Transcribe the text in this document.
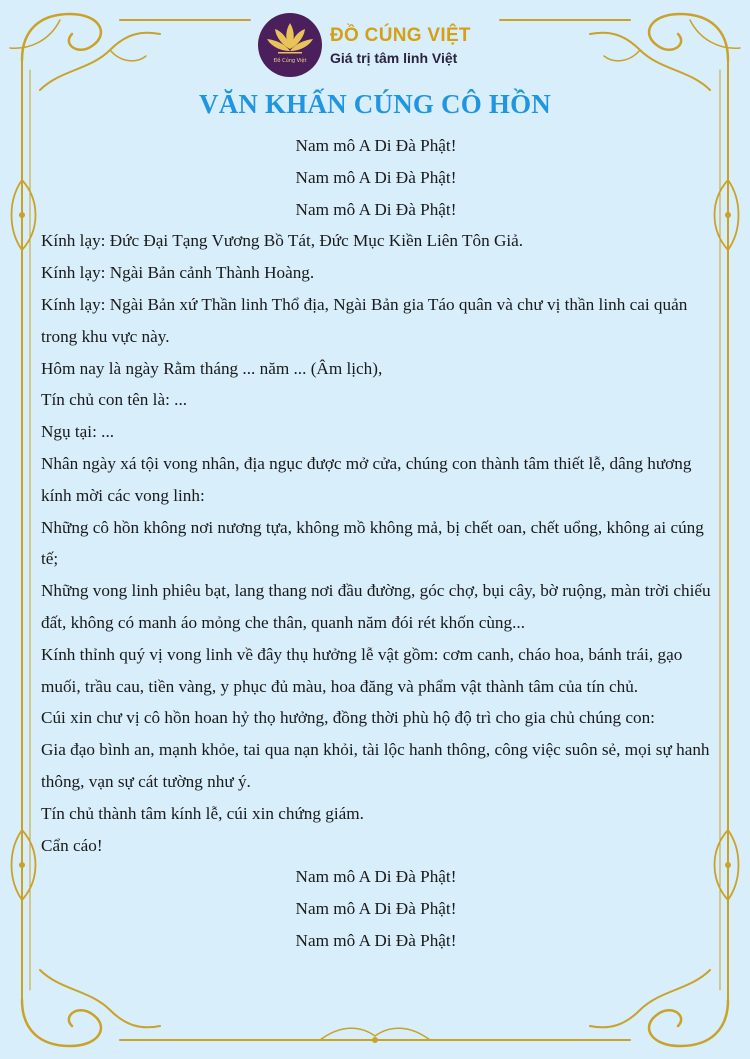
Đồ Cúng Việt
ĐỒ CÚNG VIỆT
Giá trị tâm linh Việt
VĂN KHẤN CÚNG CÔ HỒN

Nam mô A Di Đà Phật!

Nam mô A Di Đà Phật!

Nam mô A Di Đà Phật!

Kính lạy: Đức Đại Tạng Vương Bồ Tát, Đức Mục Kiền Liên Tôn Giả.

Kính lạy: Ngài Bản cảnh Thành Hoàng.

Kính lạy: Ngài Bản xứ Thần linh Thổ địa, Ngài Bản gia Táo quân và chư vị thần linh cai quản trong khu vực này.

Hôm nay là ngày Rằm tháng ... năm ... (Âm lịch),

Tín chủ con tên là: ...

Ngụ tại: ...

Nhân ngày xá tội vong nhân, địa ngục được mở cửa, chúng con thành tâm thiết lễ, dâng hương kính mời các vong linh:

Những cô hồn không nơi nương tựa, không mồ không mả, bị chết oan, chết uổng, không ai cúng tế;

Những vong linh phiêu bạt, lang thang nơi đầu đường, góc chợ, bụi cây, bờ ruộng, màn trời chiếu đất, không có manh áo mỏng che thân, quanh năm đói rét khốn cùng...

Kính thỉnh quý vị vong linh về đây thụ hưởng lễ vật gồm: cơm canh, cháo hoa, bánh trái, gạo muối, trầu cau, tiền vàng, y phục đủ màu, hoa đăng và phẩm vật thành tâm của tín chủ.

Cúi xin chư vị cô hồn hoan hỷ thọ hưởng, đồng thời phù hộ độ trì cho gia chủ chúng con:

Gia đạo bình an, mạnh khỏe, tai qua nạn khỏi, tài lộc hanh thông, công việc suôn sẻ, mọi sự hanh thông, vạn sự cát tường như ý.

Tín chủ thành tâm kính lễ, cúi xin chứng giám.

Cẩn cáo!

Nam mô A Di Đà Phật!

Nam mô A Di Đà Phật!

Nam mô A Di Đà Phật!
